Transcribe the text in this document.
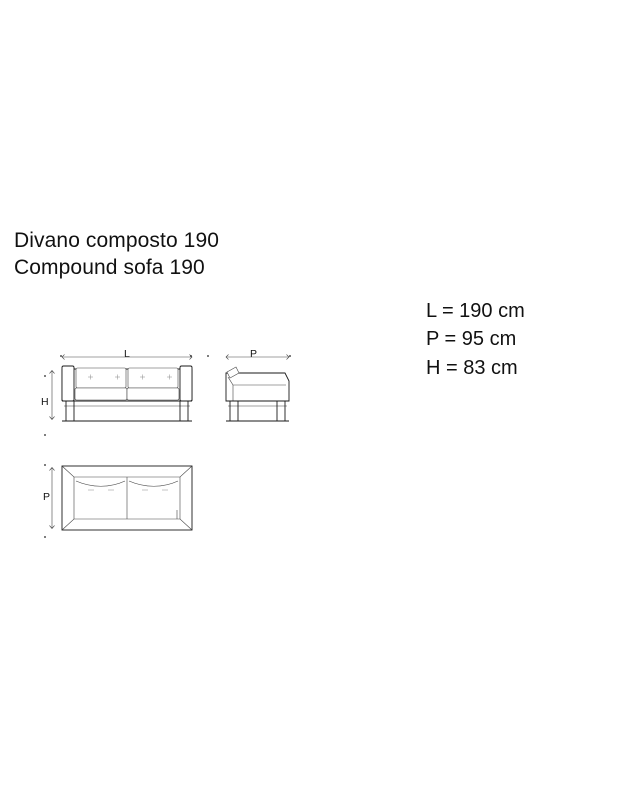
Divano composto 190
Compound sofa 190
L = 190 cm
P = 95 cm
H = 83 cm
L	P
H
P
